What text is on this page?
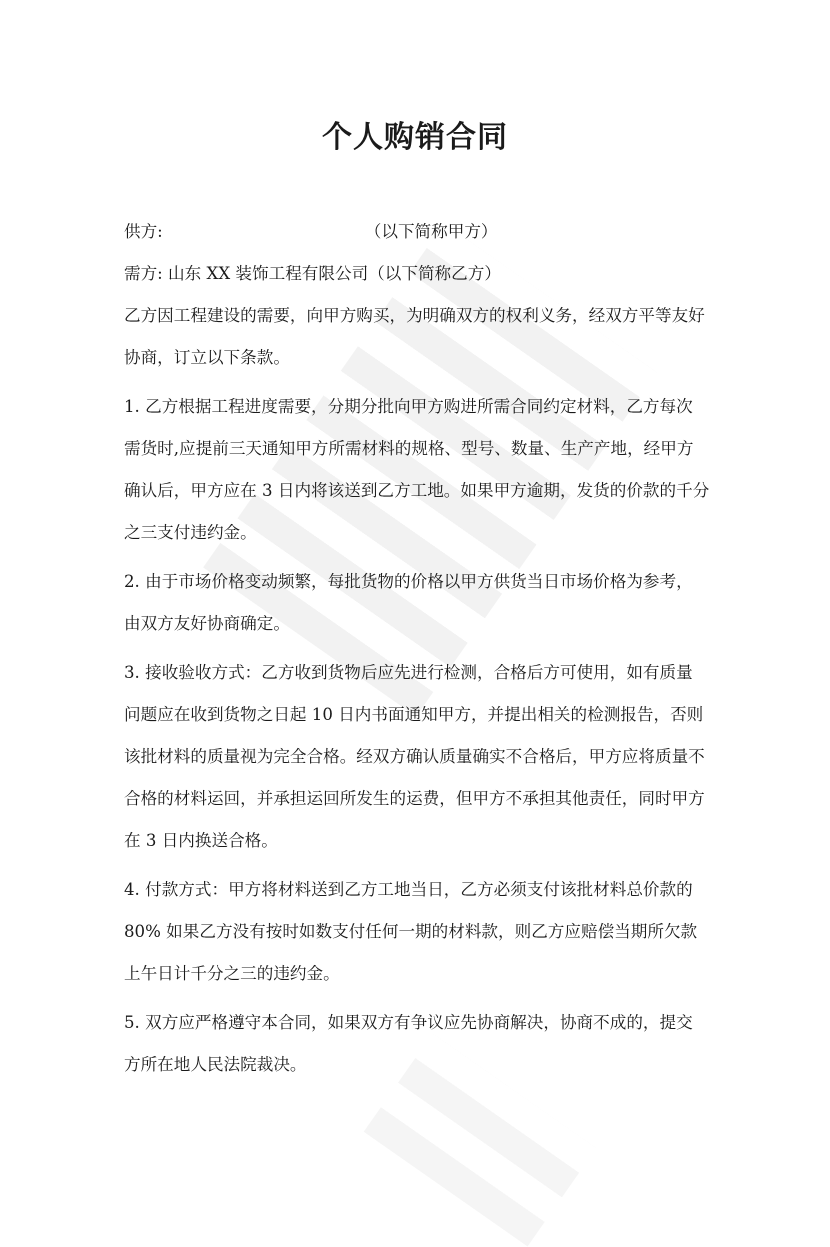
个人购销合同

供方:	（以下简称甲方）

需方: 山东 XX 装饰工程有限公司（以下简称乙方）

乙方因工程建设的需要，向甲方购买，为明确双方的权利义务，经双方平等友好
协商，订立以下条款。

1. 乙方根据工程进度需要，分期分批向甲方购进所需合同约定材料，乙方每次
需货时,应提前三天通知甲方所需材料的规格、型号、数量、生产产地，经甲方
确认后，甲方应在 3 日内将该送到乙方工地。如果甲方逾期，发货的价款的千分
之三支付违约金。

2. 由于市场价格变动频繁，每批货物的价格以甲方供货当日市场价格为参考，
由双方友好协商确定。

3. 接收验收方式：乙方收到货物后应先进行检测，合格后方可使用，如有质量
问题应在收到货物之日起 10 日内书面通知甲方，并提出相关的检测报告，否则
该批材料的质量视为完全合格。经双方确认质量确实不合格后，甲方应将质量不
合格的材料运回，并承担运回所发生的运费，但甲方不承担其他责任，同时甲方
在 3 日内换送合格。

4. 付款方式：甲方将材料送到乙方工地当日，乙方必须支付该批材料总价款的
80% 如果乙方没有按时如数支付任何一期的材料款，则乙方应赔偿当期所欠款
上午日计千分之三的违约金。

5. 双方应严格遵守本合同，如果双方有争议应先协商解决，协商不成的，提交
方所在地人民法院裁决。
